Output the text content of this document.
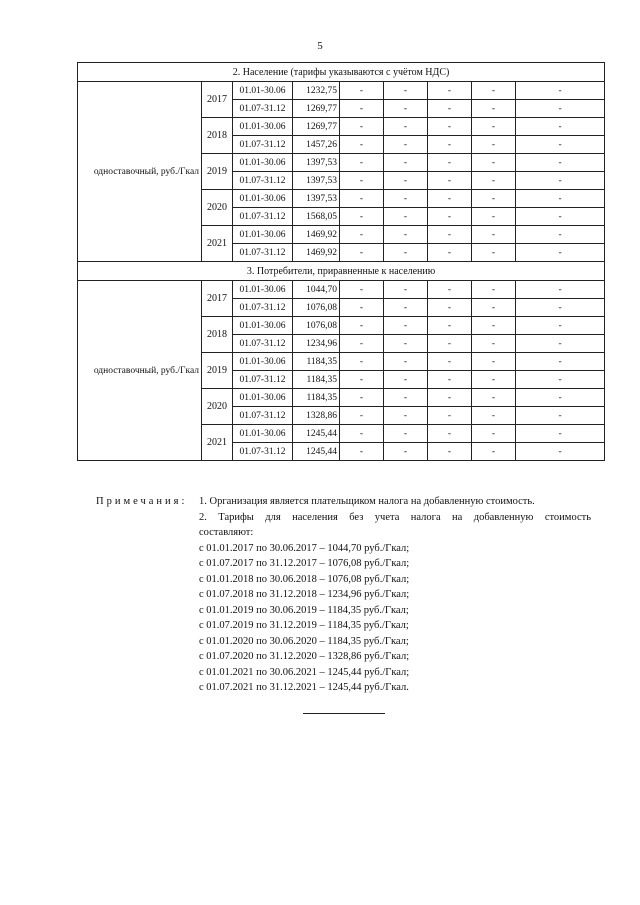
5
2. Население (тарифы указываются с учётом НДС)								
одноставочный, руб./Гкал	2017	01.01-30.06	1232,75	-	-	-	-	-
		01.07-31.12	1269,77	-	-	-	-	-
	2018	01.01-30.06	1269,77	-	-	-	-	-
		01.07-31.12	1457,26	-	-	-	-	-
	2019	01.01-30.06	1397,53	-	-	-	-	-
		01.07-31.12	1397,53	-	-	-	-	-
	2020	01.01-30.06	1397,53	-	-	-	-	-
		01.07-31.12	1568,05	-	-	-	-	-
	2021	01.01-30.06	1469,92	-	-	-	-	-
		01.07-31.12	1469,92	-	-	-	-	-
3. Потребители, приравненные к населению								
одноставочный, руб./Гкал	2017	01.01-30.06	1044,70	-	-	-	-	-
		01.07-31.12	1076,08	-	-	-	-	-
	2018	01.01-30.06	1076,08	-	-	-	-	-
		01.07-31.12	1234,96	-	-	-	-	-
	2019	01.01-30.06	1184,35	-	-	-	-	-
		01.07-31.12	1184,35	-	-	-	-	-
	2020	01.01-30.06	1184,35	-	-	-	-	-
		01.07-31.12	1328,86	-	-	-	-	-
	2021	01.01-30.06	1245,44	-	-	-	-	-
		01.07-31.12	1245,44	-	-	-	-	-
Примечания: 1. Организация является плательщиком налога на добавленную стоимость.
2. Тарифы для населения без учета налога на добавленную стоимость
составляют:
с 01.01.2017 по 30.06.2017 – 1044,70 руб./Гкал;
с 01.07.2017 по 31.12.2017 – 1076,08 руб./Гкал;
с 01.01.2018 по 30.06.2018 – 1076,08 руб./Гкал;
с 01.07.2018 по 31.12.2018 – 1234,96 руб./Гкал;
с 01.01.2019 по 30.06.2019 – 1184,35 руб./Гкал;
с 01.07.2019 по 31.12.2019 – 1184,35 руб./Гкал;
с 01.01.2020 по 30.06.2020 – 1184,35 руб./Гкал;
с 01.07.2020 по 31.12.2020 – 1328,86 руб./Гкал;
с 01.01.2021 по 30.06.2021 – 1245,44 руб./Гкал;
с 01.07.2021 по 31.12.2021 – 1245,44 руб./Гкал.
